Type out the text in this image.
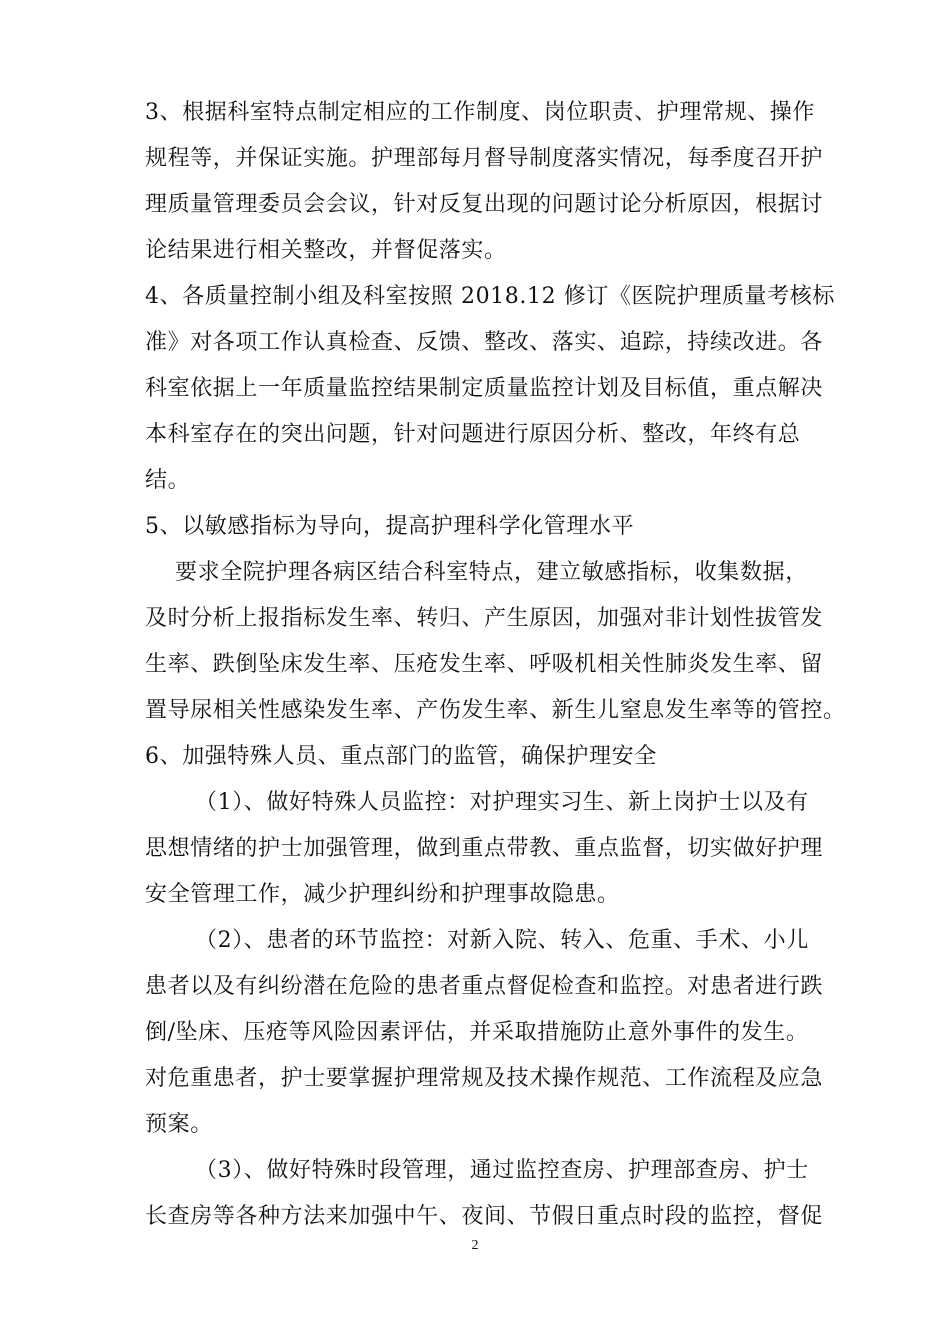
3、根据科室特点制定相应的工作制度、岗位职责、护理常规、操作
规程等，并保证实施。护理部每月督导制度落实情况，每季度召开护
理质量管理委员会会议，针对反复出现的问题讨论分析原因，根据讨
论结果进行相关整改，并督促落实。
4、各质量控制小组及科室按照 2018.12 修订《医院护理质量考核标
准》对各项工作认真检查、反馈、整改、落实、追踪，持续改进。各
科室依据上一年质量监控结果制定质量监控计划及目标值，重点解决
本科室存在的突出问题，针对问题进行原因分析、整改，年终有总
结。
5、以敏感指标为导向，提高护理科学化管理水平
要求全院护理各病区结合科室特点，建立敏感指标，收集数据，
及时分析上报指标发生率、转归、产生原因，加强对非计划性拔管发
生率、跌倒坠床发生率、压疮发生率、呼吸机相关性肺炎发生率、留
置导尿相关性感染发生率、产伤发生率、新生儿窒息发生率等的管控。
6、加强特殊人员、重点部门的监管，确保护理安全
（1）、做好特殊人员监控：对护理实习生、新上岗护士以及有
思想情绪的护士加强管理，做到重点带教、重点监督，切实做好护理
安全管理工作，减少护理纠纷和护理事故隐患。
（2）、患者的环节监控：对新入院、转入、危重、手术、小儿
患者以及有纠纷潜在危险的患者重点督促检查和监控。对患者进行跌
倒/坠床、压疮等风险因素评估，并采取措施防止意外事件的发生。
对危重患者，护士要掌握护理常规及技术操作规范、工作流程及应急
预案。
（3）、做好特殊时段管理，通过监控查房、护理部查房、护士
长查房等各种方法来加强中午、夜间、节假日重点时段的监控，督促
2
